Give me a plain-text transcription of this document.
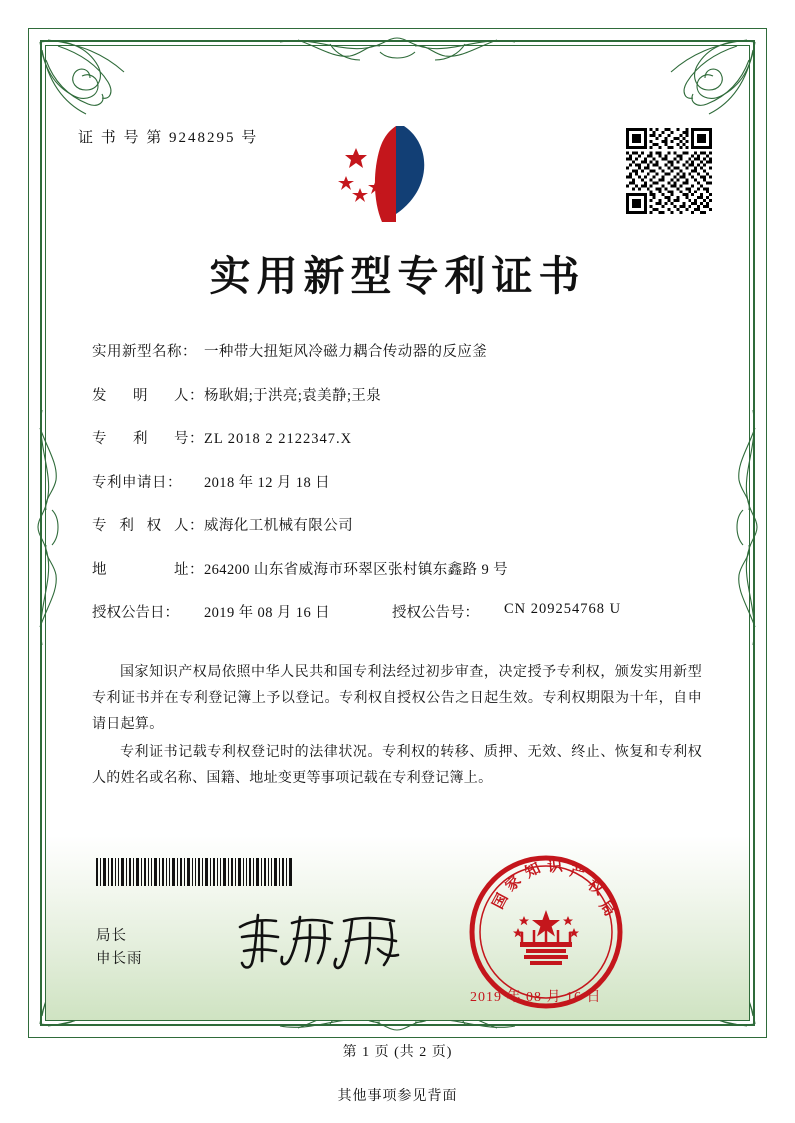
证 书 号 第 9248295 号
实用新型专利证书
实用新型名称： 一种带大扭矩风冷磁力耦合传动器的反应釜
发 明 人： 杨耿娟;于洪亮;袁美静;王泉
专 利 号： ZL 2018 2 2122347.X
专利申请日：	2018 年 12 月 18 日
专 利 权 人： 威海化工机械有限公司
地	址： 264200 山东省威海市环翠区张村镇东鑫路 9 号
授权公告日：	2019 年 08 月 16 日	授权公告号：	CN 209254768 U
国家知识产权局依照中华人民共和国专利法经过初步审查，决定授予专利权，颁发实用新型专利证书并在专利登记簿上予以登记。专利权自授权公告之日起生效。专利权期限为十年，自申请日起算。
专利证书记载专利权登记时的法律状况。专利权的转移、质押、无效、终止、恢复和专利权人的姓名或名称、国籍、地址变更等事项记载在专利登记簿上。
局长
申长雨
国
家
知 识 产
权
局
2019 年 08 月 16 日
第 1 页 (共 2 页)
其他事项参见背面
